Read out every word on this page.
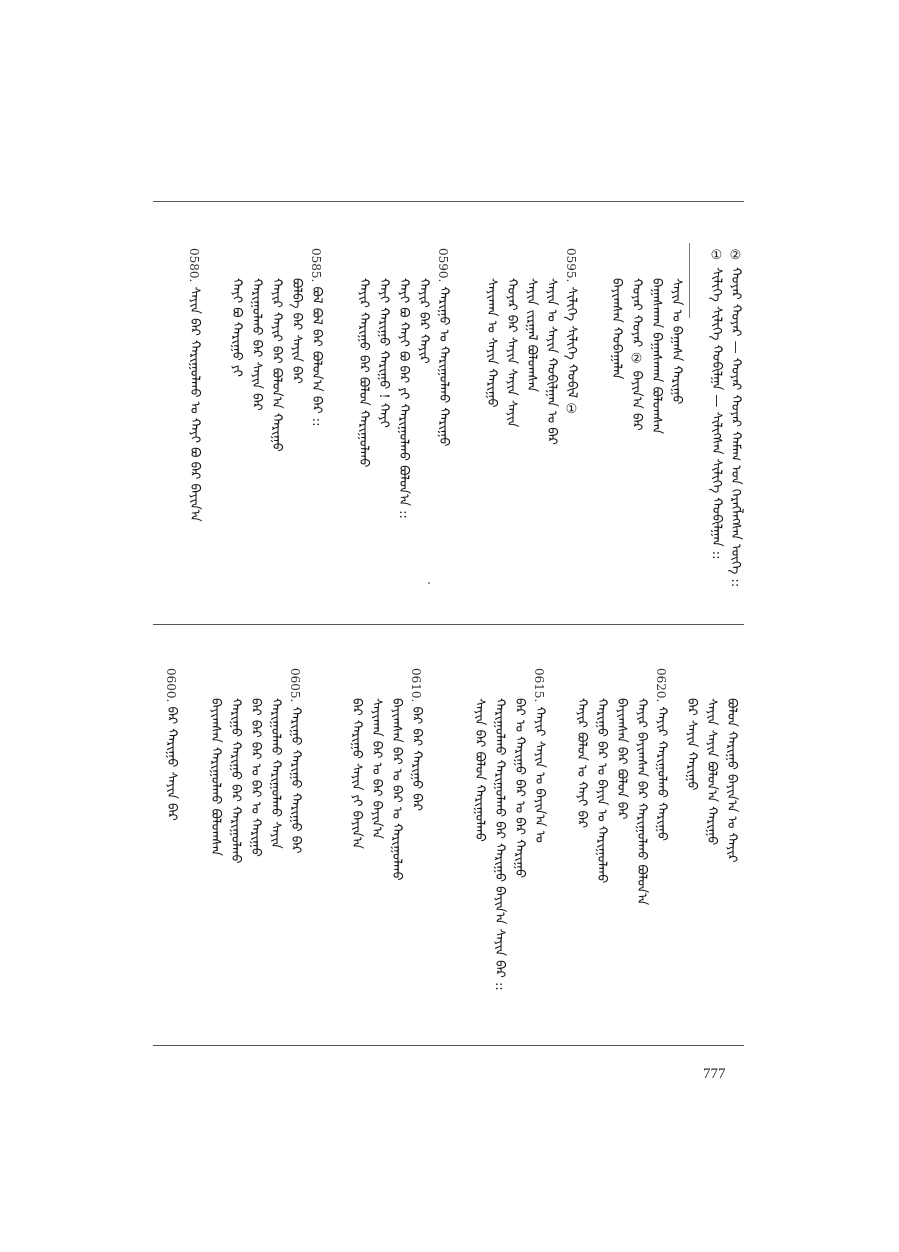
② ᠬᠣᠶᠠᠷ ᠬᠣᠶᠠᠷ — ᠬᠣᠶᠠᠷ ᠬᠣᠶᠠᠷ ᠬᠠᠮᠠᠭ ᠤᠨ ᠬᠡᠷᠡᠭᠯᠡᠭᠰᠡᠨ ᠦᠭᠡ ::
① ᠰᠢᠯᠢᠭᠡ ᠰᠢᠯᠢᠭᠡ ᠬᠣᠪᠢᠯᠭᠠ — ᠰᠢᠯᠢᠭᠰᠡᠨ ᠰᠢᠯᠢᠭᠡ ᠬᠣᠪᠢᠯᠭᠠᠨ ::
ᠰᠠᠶᠢᠨ ᠤ ᠪᠠᠭᠠᠰᠠ ᠬᠠᠷᠢᠭᠤ
ᠪᠠᠭᠠᠰᠠᠬᠠᠨ ᠪᠠᠭᠠᠰᠠᠬᠠᠨ ᠪᠣᠯᠤᠭᠰᠠᠨ
ᠬᠣᠶᠠᠷ ᠬᠣᠶᠠᠷ ② ᠪᠠᠶᠢᠨ᠎ᠠ ᠪᠠᠷ
ᠪᠠᠶᠢᠭᠰᠠᠨ ᠬᠤᠪᠠᠭᠠᠯᠠᠨ
0595. ᠰᠢᠯᠢᠭᠡ ᠰᠢᠯᠢᠭᠡ ᠬᠣᠪᠢᠯ ①
ᠰᠠᠶᠢᠨ ᠤ ᠰᠠᠶᠢᠨ ᠬᠣᠪᠢᠯᠭᠠᠨ ᠤ ᠪᠠᠷ
ᠰᠠᠶᠢᠨ ᠵᠢᠷᠭᠠᠯ ᠪᠣᠯᠤᠭᠰᠠᠨ
ᠬᠣᠶᠠᠷ ᠪᠠᠷ ᠰᠠᠶᠢᠨ ᠰᠠᠶᠢᠨ ᠰᠠᠶᠢᠨ
ᠰᠠᠶᠢᠬᠠᠨ ᠤ ᠰᠠᠶᠢᠨ ᠬᠠᠷᠢᠭᠤ
0590. ᠬᠠᠷᠢᠭᠤ ᠤ ᠬᠠᠷᠢᠭᠤᠯᠬᠤ ᠬᠠᠷᠢᠭᠤ
ᠬᠠᠶᠢᠷ ᠪᠠᠷ ᠬᠠᠶᠢᠷ
ᠬᠠᠶᠢ ᠪᠣ ᠬᠠᠶᠢ ᠪᠣ ᠪᠠᠷ ᠶᠢ ᠬᠠᠷᠢᠭᠤᠯᠬᠤ ᠪᠣᠯᠤᠨ᠎ᠠ ::
ᠬᠠᠶᠢ ᠬᠠᠷᠢᠭᠤ ᠬᠠᠷᠢᠭᠤ ! ᠬᠠᠶᠢ
ᠬᠠᠶᠢᠷ ᠬᠠᠷᠢᠭᠤ ᠪᠠᠷ ᠪᠣᠯᠤᠨ ᠬᠠᠷᠢᠭᠤᠯᠬᠤ
0585. ᠪᠣᠯ ᠪᠣᠯ ᠪᠠᠷ ᠪᠣᠯᠤᠨ᠎ᠠ ᠪᠠᠷ ::
ᠪᠣᠯᠪᠠ ᠪᠠᠷ ᠰᠠᠶᠢᠨ ᠪᠠᠷ
ᠬᠠᠶᠢᠷ ᠬᠠᠶᠢᠷ ᠪᠠᠷ ᠪᠣᠯᠤᠨ᠎ᠠ ᠬᠠᠷᠢᠭᠤ
ᠬᠠᠷᠢᠭᠤᠯᠬᠤ ᠪᠠᠷ ᠰᠠᠶᠢᠨ ᠪᠠᠷ
ᠬᠠᠶᠢ ᠪᠣ ᠬᠠᠷᠢᠭᠤ ᠶᠢ
0580. ᠰᠠᠶᠢᠨ ᠪᠠᠷ ᠬᠠᠷᠢᠭᠤᠯᠬᠤ ᠤ ᠬᠠᠶᠢ ᠪᠣ ᠪᠠᠷ ᠪᠠᠶᠢᠨ᠎ᠠ
ᠪᠣᠯᠤᠨ ᠬᠠᠷᠢᠭᠤ ᠪᠠᠶᠢᠨ᠎ᠠ ᠤ ᠬᠠᠶᠢᠷ
ᠰᠠᠶᠢᠨ ᠰᠠᠶᠢᠨ ᠪᠣᠯᠤᠨ᠎ᠠ ᠬᠠᠷᠢᠭᠤ
ᠪᠠᠷ ᠰᠠᠶᠢᠨ ᠬᠠᠷᠢᠭᠤ
0620. ᠬᠠᠶᠢᠷ ᠬᠠᠷᠢᠭᠤᠯᠬᠤ ᠬᠠᠷᠢᠭᠤ
ᠬᠠᠶᠢᠷ ᠪᠠᠶᠢᠭᠰᠠᠨ ᠪᠠᠷ ᠬᠠᠷᠢᠭᠤᠯᠬᠤ ᠪᠣᠯᠤᠨ᠎ᠠ
ᠪᠠᠶᠢᠭᠰᠠᠨ ᠪᠠᠷ ᠪᠣᠯᠤᠨ ᠪᠠᠷ
ᠬᠠᠷᠢᠭᠤ ᠪᠠᠷ ᠤ ᠪᠠᠶᠢᠨ ᠤ ᠬᠠᠷᠢᠭᠤᠯᠬᠤ
ᠬᠠᠶᠢᠷ ᠪᠣᠯᠤᠨ ᠤ ᠬᠠᠶᠢ ᠪᠠᠷ
0615. ᠬᠠᠶᠢᠷ ᠰᠠᠶᠢᠨ ᠤ ᠪᠠᠶᠢᠨ᠎ᠠ ᠤ
ᠪᠠᠷ ᠤ ᠬᠠᠷᠢᠭᠤ ᠪᠠᠷ ᠤ ᠪᠠᠷ ᠬᠠᠷᠢᠭᠤ
ᠬᠠᠷᠢᠭᠤᠯᠬᠤ ᠬᠠᠷᠢᠭᠤᠯᠬᠤ ᠪᠠᠷ ᠬᠠᠷᠢᠭᠤ ᠪᠠᠶᠢᠨ᠎ᠠ ᠰᠠᠶᠢᠨ ᠪᠠᠷ ::
ᠰᠠᠶᠢᠨ ᠪᠠᠷ ᠪᠣᠯᠤᠨ ᠬᠠᠷᠢᠭᠤᠯᠬᠤ
0610. ᠪᠠᠷ ᠪᠠᠷ ᠬᠠᠷᠢᠭᠤ ᠪᠠᠷ
ᠪᠠᠶᠢᠭᠰᠠᠨ ᠪᠠᠷ ᠤ ᠪᠠᠷ ᠤ ᠬᠠᠷᠢᠭᠤᠯᠬᠤ
ᠰᠠᠶᠢᠬᠠᠨ ᠪᠠᠷ ᠤ ᠪᠠᠷ ᠪᠠᠶᠢᠨ᠎ᠠ
ᠪᠠᠷ ᠬᠠᠷᠢᠭᠤ ᠰᠠᠶᠢᠨ ᠶᠢ ᠪᠠᠶᠢᠨ᠎ᠠ
0605. ᠬᠠᠷᠢᠭᠤ ᠬᠠᠷᠢᠭᠤ ᠬᠠᠷᠢᠭᠤ ᠪᠠᠷ
ᠬᠠᠷᠢᠭᠤᠯᠬᠤ ᠬᠠᠷᠢᠭᠤᠯᠬᠤ ᠰᠠᠶᠢᠨ
ᠪᠠᠷ ᠪᠠᠷ ᠪᠠᠷ ᠤ ᠪᠠᠷ ᠤ ᠬᠠᠷᠢᠭᠤ
ᠬᠠᠷᠢᠭᠤ ᠬᠠᠷᠢᠭᠤ ᠪᠠᠷ ᠬᠠᠷᠢᠭᠤᠯᠬᠤ
ᠪᠠᠶᠢᠭᠰᠠᠨ ᠬᠠᠷᠢᠭᠤᠯᠬᠤ ᠪᠣᠯᠤᠭᠰᠠᠨ
0600. ᠪᠠᠷ ᠬᠠᠷᠢᠭᠤ ᠰᠠᠶᠢᠨ ᠪᠠᠷ
777
